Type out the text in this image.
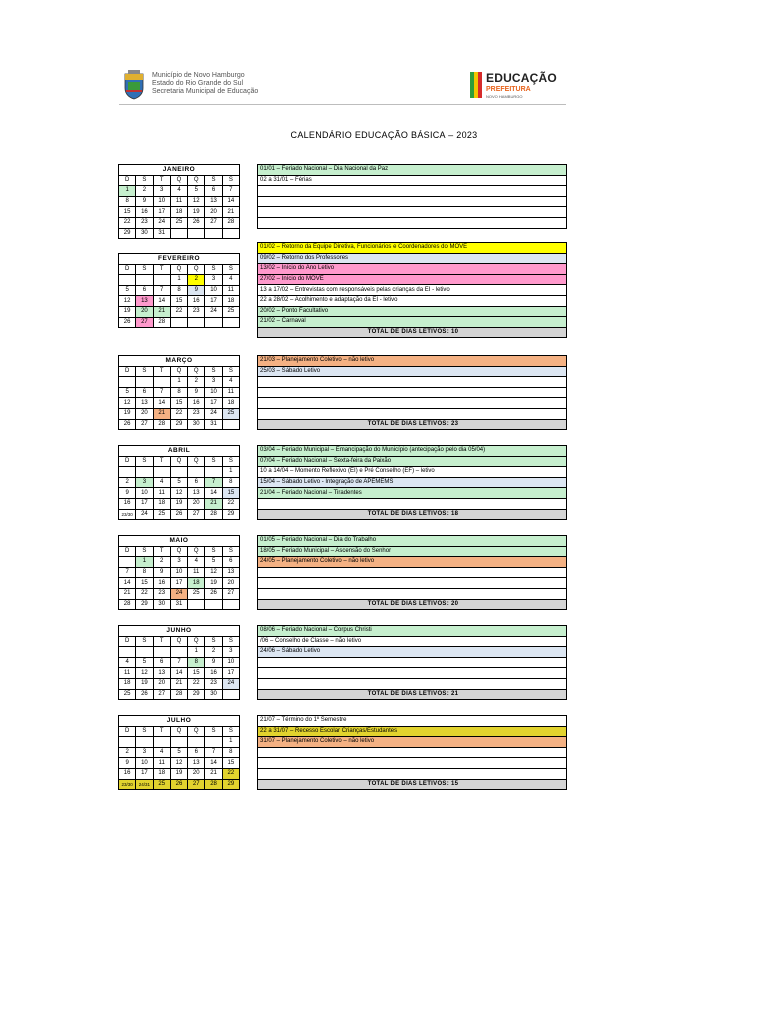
Município de Novo Hamburgo
Estado do Rio Grande do Sul
Secretaria Municipal de Educação
EDUCAÇÃO
PREFEITURA
NOVO HAMBURGO
CALENDÁRIO EDUCAÇÃO BÁSICA – 2023
JANEIRO						
D	S	T	Q	Q	S	S
1	2	3	4	5	6	7
8	9	10	11	12	13	14
15	16	17	18	19	20	21
22	23	24	25	26	27	28
29	30	31				
01/01 – Feriado Nacional – Dia Nacional da Paz
02 a 31/01 – Férias

FEVEREIRO						
D	S	T	Q	Q	S	S
			1	2	3	4
5	6	7	8	9	10	11
12	13	14	15	16	17	18
19	20	21	22	23	24	25
26	27	28				
01/02 – Retorno da Equipe Diretiva, Funcionários e Coordenadores do MOVE
09/02 – Retorno dos Professores
13/02 – Início do Ano Letivo
27/02 – Início do MOVE
13 a 17/02 – Entrevistas com responsáveis pelas crianças da EI - letivo
22 a 28/02 – Acolhimento e adaptação da EI - letivo
20/02 – Ponto Facultativo
21/02 – Carnaval
TOTAL DE DIAS LETIVOS: 10
MARÇO						
D	S	T	Q	Q	S	S
			1	2	3	4
5	6	7	8	9	10	11
12	13	14	15	16	17	18
19	20	21	22	23	24	25
26	27	28	29	30	31	
21/03 – Planejamento Coletivo – não letivo
25/03 – Sábado Letivo

TOTAL DE DIAS LETIVOS: 23
ABRIL						
D	S	T	Q	Q	S	S
						1
2	3	4	5	6	7	8
9	10	11	12	13	14	15
16	17	18	19	20	21	22
23/30	24	25	26	27	28	29
03/04 – Feriado Municipal – Emancipação do Município (antecipação pelo dia 05/04)
07/04 – Feriado Nacional – Sexta-feira da Paixão
10 a 14/04 – Momento Reflexivo (EI) e Pré Conselho (EF) – letivo
15/04 – Sábado Letivo - Integração de APEMEMS
21/04 – Feriado Nacional – Tiradentes

TOTAL DE DIAS LETIVOS: 18
MAIO						
D	S	T	Q	Q	S	S
	1	2	3	4	5	6
7	8	9	10	11	12	13
14	15	16	17	18	19	20
21	22	23	24	25	26	27
28	29	30	31			
01/05 – Feriado Nacional – Dia do Trabalho
18/05 – Feriado Municipal – Ascensão do Senhor
24/05 – Planejamento Coletivo – não letivo

TOTAL DE DIAS LETIVOS: 20
JUNHO						
D	S	T	Q	Q	S	S
				1	2	3
4	5	6	7	8	9	10
11	12	13	14	15	16	17
18	19	20	21	22	23	24
25	26	27	28	29	30	
08/06 – Feriado Nacional – Corpus Christi
/06 – Conselho de Classe – não letivo
24/06 – Sábado Letivo

TOTAL DE DIAS LETIVOS: 21
JULHO						
D	S	T	Q	Q	S	S
						1
2	3	4	5	6	7	8
9	10	11	12	13	14	15
16	17	18	19	20	21	22
23/30	24/31	25	26	27	28	29
21/07 – Término do 1º Semestre
22 a 31/07 – Recesso Escolar Crianças/Estudantes
31/07 – Planejamento Coletivo – não letivo

TOTAL DE DIAS LETIVOS: 15
